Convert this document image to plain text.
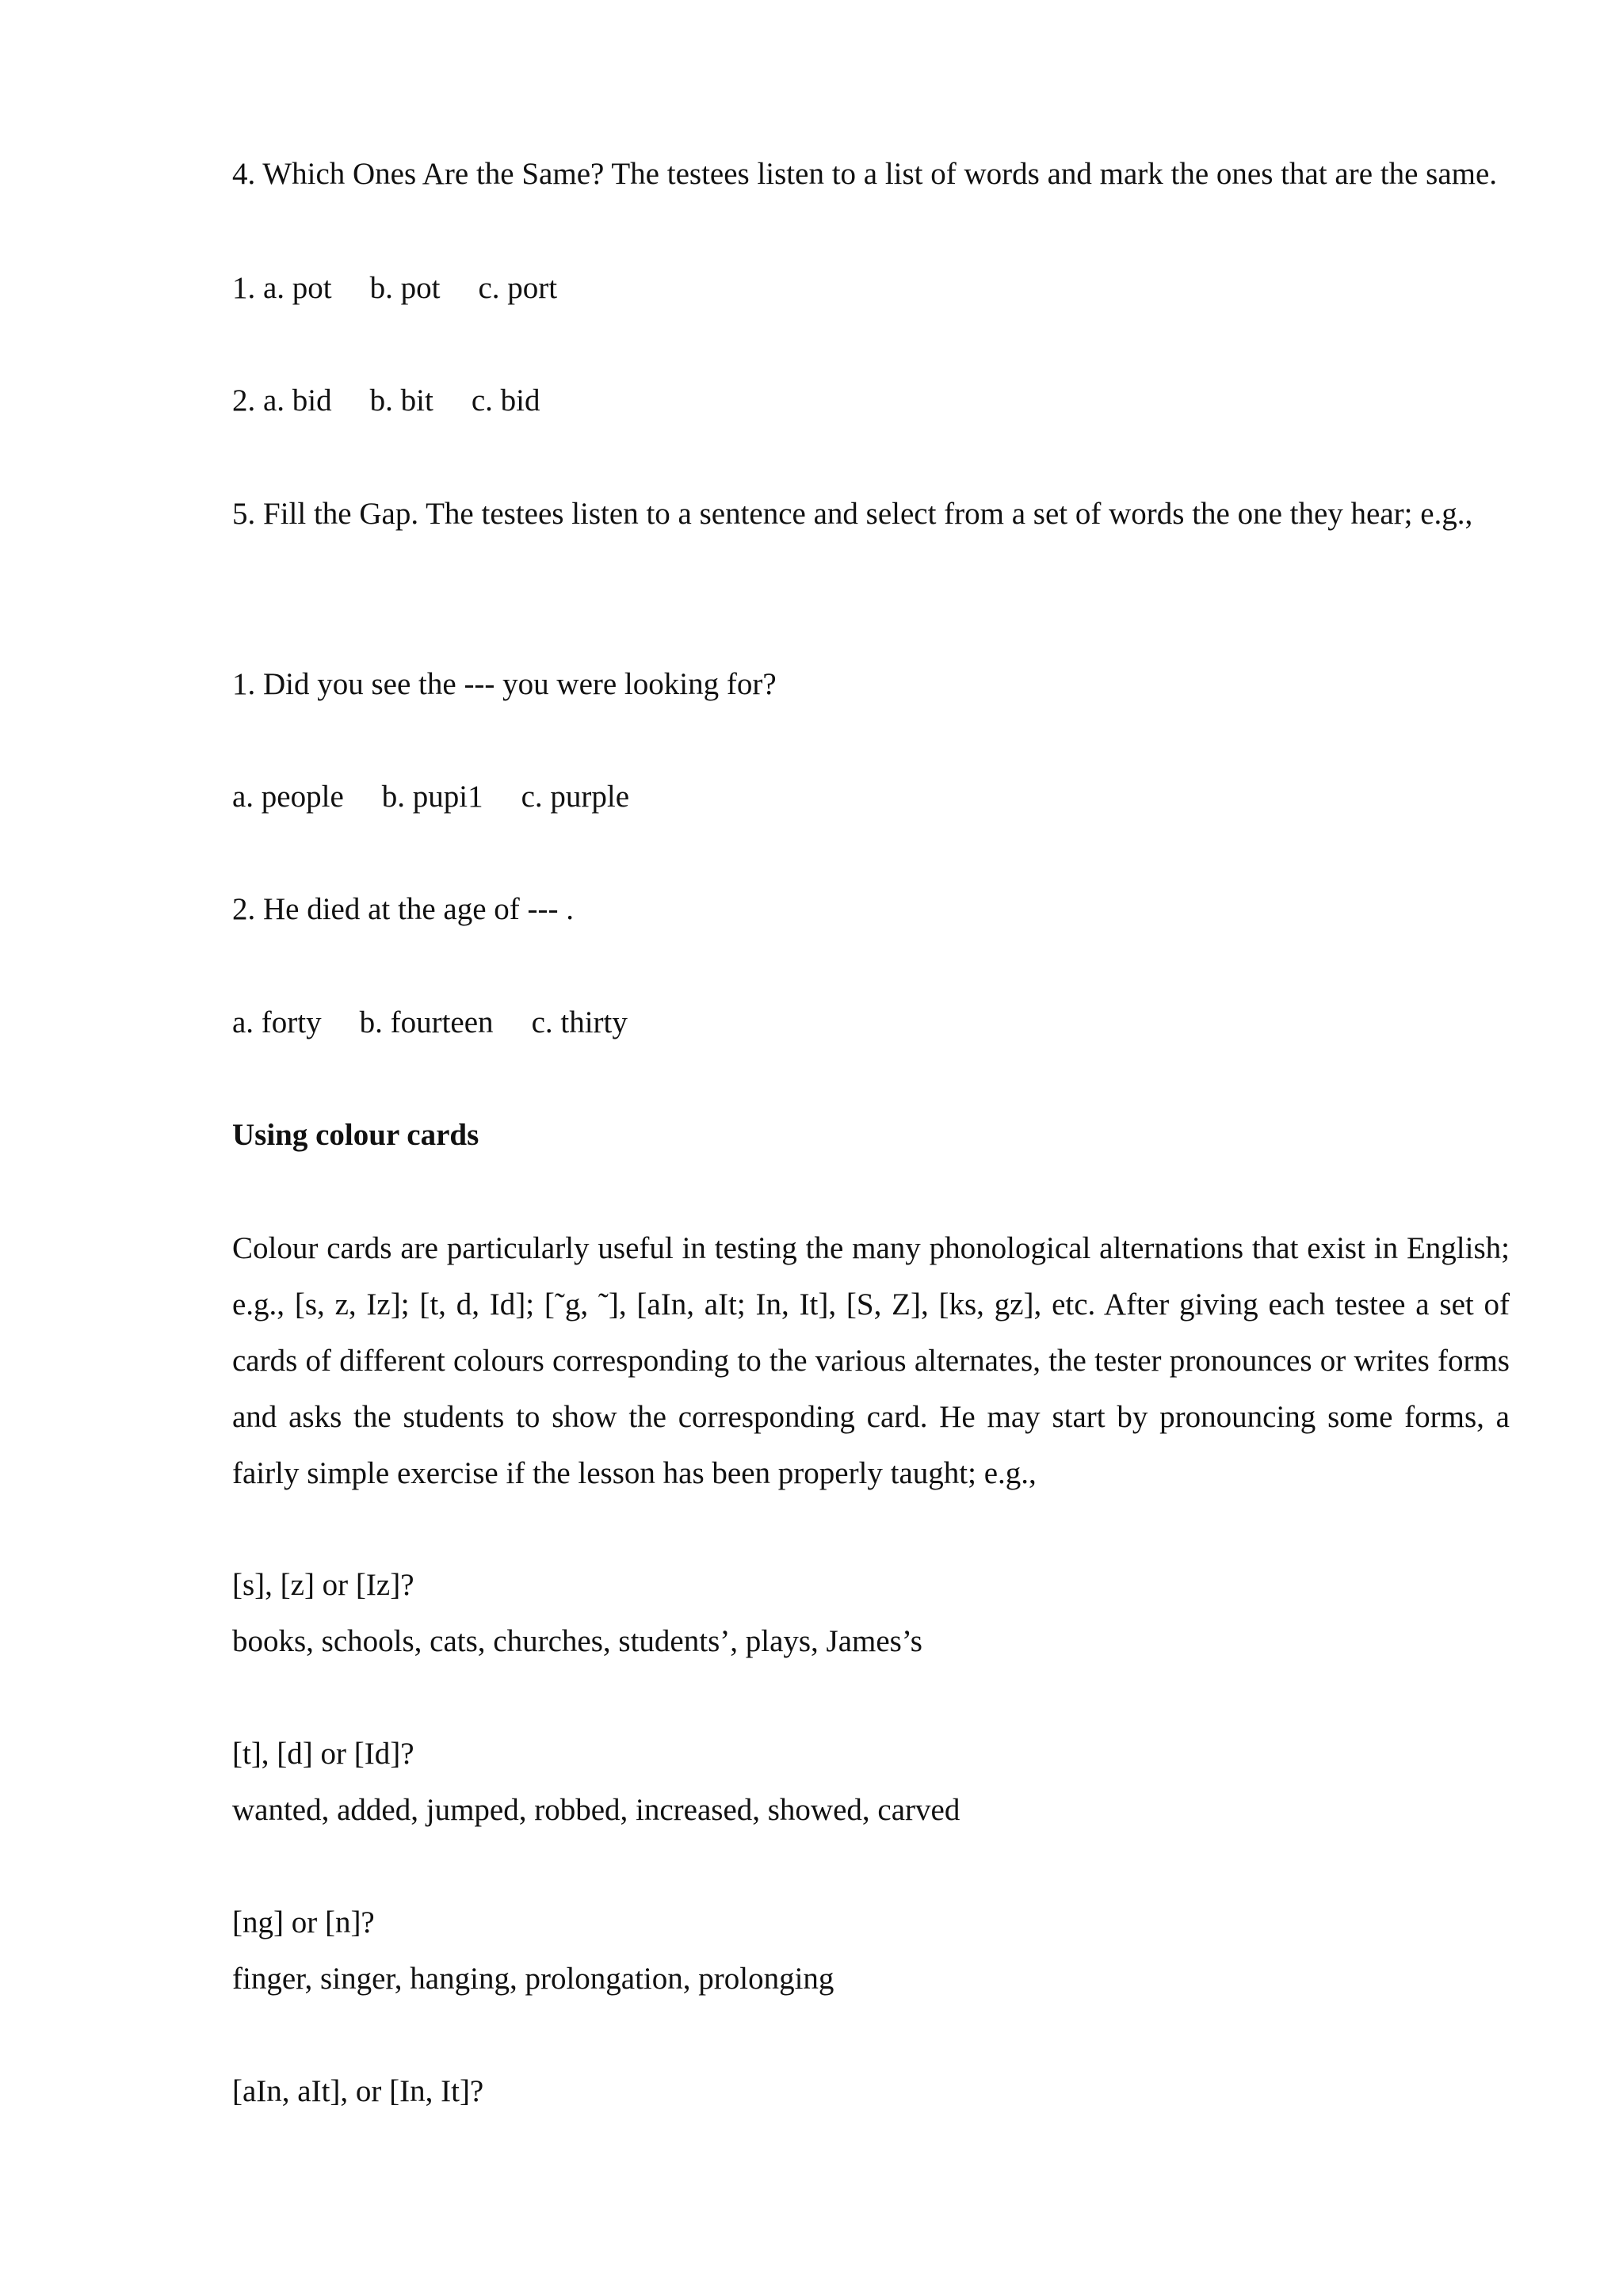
4. Which Ones Are the Same? The testees listen to a list of words and mark the ones that are the same.

1. a. pot b. pot c. port
2. a. bid b. bit c. bid

5. Fill the Gap. The testees listen to a sentence and select from a set of words the one they hear; e.g.,

1. Did you see the --- you were looking for?
a. people b. pupi1 c. purple
2. He died at the age of --- .
a. forty b. fourteen c. thirty
Using colour cards

Colour cards are particularly useful in testing the many phonological alternations that exist in English; e.g., [s, z, Iz]; [t, d, Id]; [˜g, ˜], [aIn, aIt; In, It], [S, Z], [ks, gz], etc. After giving each testee a set of cards of different colours corresponding to the various alternates, the tester pronounces or writes forms and asks the students to show the corresponding card. He may start by pronouncing some forms, a fairly simple exercise if the lesson has been properly taught; e.g.,

[s], [z] or [Iz]?
books, schools, cats, churches, students’, plays, James’s
[t], [d] or [Id]?
wanted, added, jumped, robbed, increased, showed, carved
[ng] or [n]?
finger, singer, hanging, prolongation, prolonging
[aIn, aIt], or [In, It]?
